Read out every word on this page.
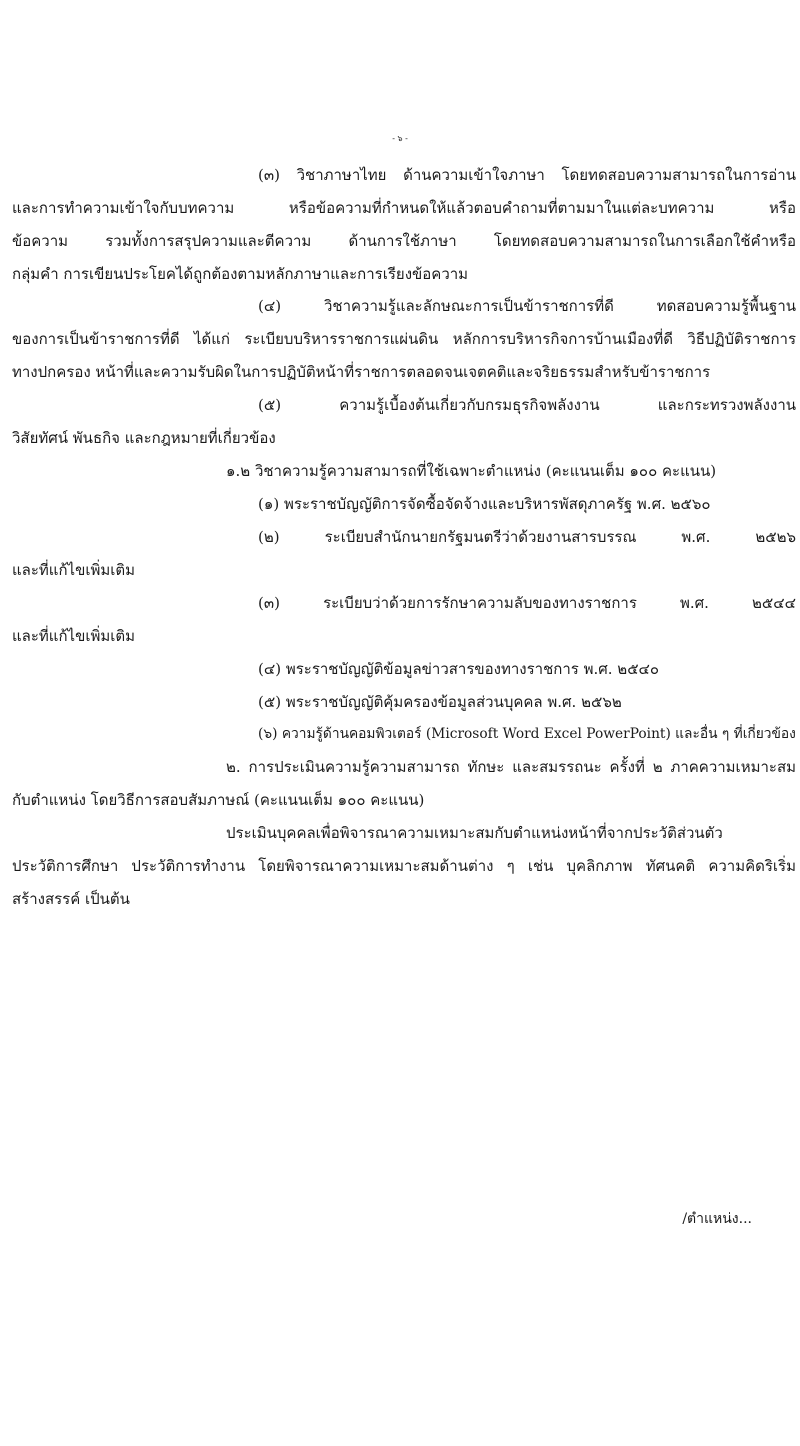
- ๖ -
(๓) วิชาภาษาไทย ด้านความเข้าใจภาษา โดยทดสอบความสามารถในการอ่าน
และการทำความเข้าใจกับบทความ หรือข้อความที่กำหนดให้แล้วตอบคำถามที่ตามมาในแต่ละบทความ หรือ
ข้อความ รวมทั้งการสรุปความและตีความ ด้านการใช้ภาษา โดยทดสอบความสามารถในการเลือกใช้คำหรือ
กลุ่มคำ การเขียนประโยคได้ถูกต้องตามหลักภาษาและการเรียงข้อความ
(๔) วิชาความรู้และลักษณะการเป็นข้าราชการที่ดี ทดสอบความรู้พื้นฐาน
ของการเป็นข้าราชการที่ดี ได้แก่ ระเบียบบริหารราชการแผ่นดิน หลักการบริหารกิจการบ้านเมืองที่ดี วิธีปฏิบัติราชการ
ทางปกครอง หน้าที่และความรับผิดในการปฏิบัติหน้าที่ราชการตลอดจนเจตคติและจริยธรรมสำหรับข้าราชการ
(๕) ความรู้เบื้องต้นเกี่ยวกับกรมธุรกิจพลังงาน และกระทรวงพลังงาน
วิสัยทัศน์ พันธกิจ และกฎหมายที่เกี่ยวข้อง
๑.๒ วิชาความรู้ความสามารถที่ใช้เฉพาะตำแหน่ง (คะแนนเต็ม ๑๐๐ คะแนน)
(๑) พระราชบัญญัติการจัดซื้อจัดจ้างและบริหารพัสดุภาครัฐ พ.ศ. ๒๕๖๐
(๒) ระเบียบสำนักนายกรัฐมนตรีว่าด้วยงานสารบรรณ พ.ศ. ๒๕๒๖
และที่แก้ไขเพิ่มเติม
(๓) ระเบียบว่าด้วยการรักษาความลับของทางราชการ พ.ศ. ๒๕๔๔
และที่แก้ไขเพิ่มเติม
(๔) พระราชบัญญัติข้อมูลข่าวสารของทางราชการ พ.ศ. ๒๕๔๐
(๕) พระราชบัญญัติคุ้มครองข้อมูลส่วนบุคคล พ.ศ. ๒๕๖๒
(๖) ความรู้ด้านคอมพิวเตอร์ (Microsoft Word Excel PowerPoint) และอื่น ๆ ที่เกี่ยวข้อง
๒. การประเมินความรู้ความสามารถ ทักษะ และสมรรถนะ ครั้งที่ ๒ ภาคความเหมาะสม
กับตำแหน่ง โดยวิธีการสอบสัมภาษณ์ (คะแนนเต็ม ๑๐๐ คะแนน)
ประเมินบุคคลเพื่อพิจารณาความเหมาะสมกับตำแหน่งหน้าที่จากประวัติส่วนตัว
ประวัติการศึกษา ประวัติการทำงาน โดยพิจารณาความเหมาะสมด้านต่าง ๆ เช่น บุคลิกภาพ ทัศนคติ ความคิดริเริ่ม
สร้างสรรค์ เป็นต้น
/ตำแหน่ง...
